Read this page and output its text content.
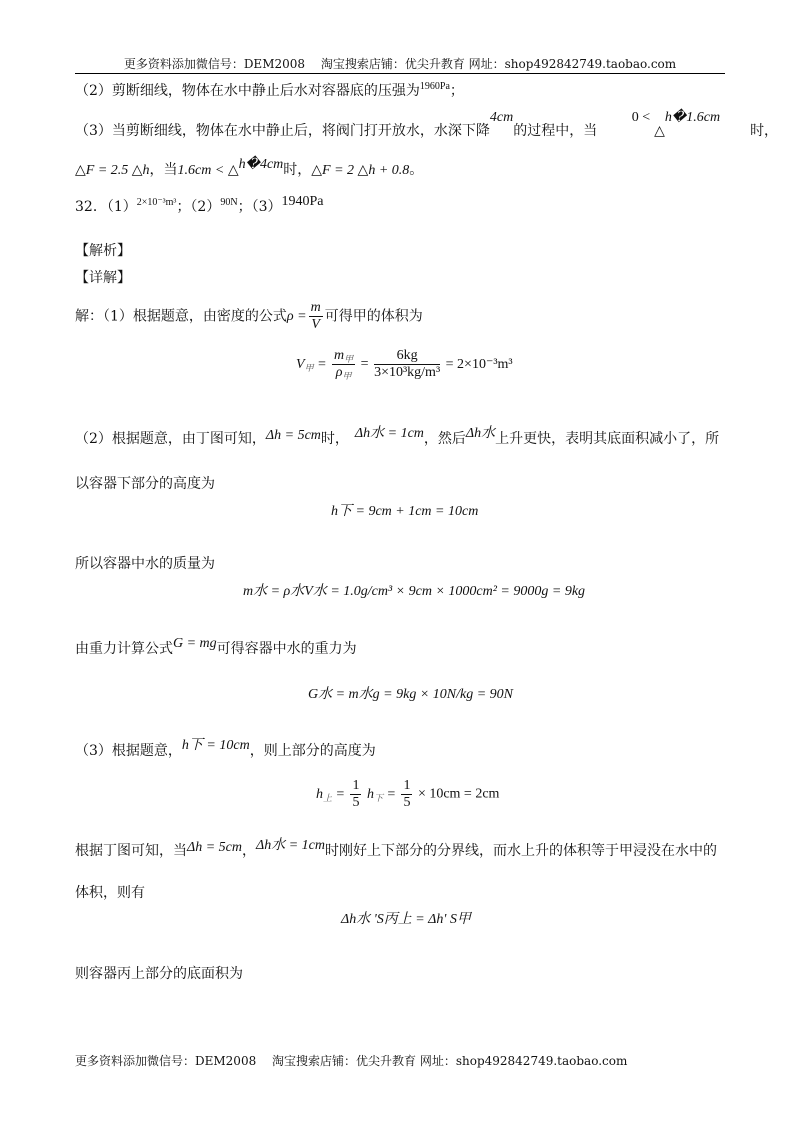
更多资料添加微信号：DEM2008　 淘宝搜索店铺：优尖升教育 网址：shop492842749.taobao.com
（2）剪断细线，物体在水中静止后水对容器底的压强为$^{1960Pa}$；
（3）当剪断细线，物体在水中静止后，将阀门打开放水，水深下降4cm的过程中，当 0 <△h�1.6cm时，
△F = 2.5 △h，当1.6cm < △h�4cm时，△F = 2 △h + 0.8。
32．$(1)^{2\times 10^{-3}m^3}$；$(2)^{90N}$；（3）1940Pa
【解析】
【详解】
解：（1）根据题意，由密度的公式$\rho = \frac{m}{V}$ 可得甲的体积为
$V_甲 = \frac{m_甲}{\rho_甲} = \frac{6kg}{\text{3×10³kg/m³}} = 2\times 10^{-3}m^3$
（2）根据题意，由丁图可知，Δh = 5cm时， Δh水 = 1cm，然后Δh水上升更快，表明其底面积减小了，所
以容器下部分的高度为
h下 = 9cm + 1cm = 10cm
所以容器中水的质量为
m水 = ρ水V水 = 1.0g/cm³ × 9cm × 1000cm² = 9000g = 9kg
由重力计算公式G = mg可得容器中水的重力为
G水 = m水g = 9kg × 10N/kg = 90N
（3）根据题意，h下 = 10cm，则上部分的高度为
$h_上 = \frac{1}{5} h_下 = \frac{1}{5} \times 10cm = 2cm$
根据丁图可知，当Δh = 5cm，Δh水 = 1cm时刚好上下部分的分界线，而水上升的体积等于甲浸没在水中的
体积，则有
Δh水 'S丙上 = Δh' S甲
则容器丙上部分的底面积为
更多资料添加微信号：DEM2008　 淘宝搜索店铺：优尖升教育 网址：shop492842749.taobao.com
